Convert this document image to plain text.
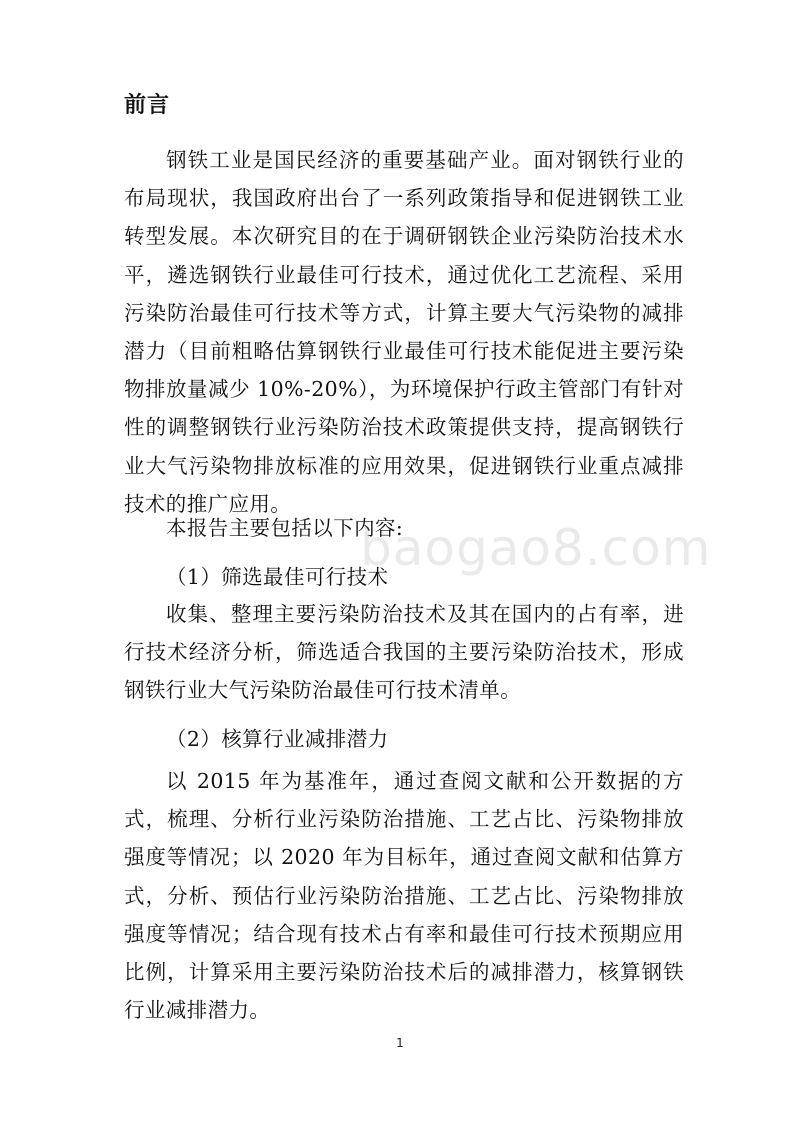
前言

钢铁工业是国民经济的重要基础产业。面对钢铁行业的布局现状，我国政府出台了一系列政策指导和促进钢铁工业转型发展。本次研究目的在于调研钢铁企业污染防治技术水平，遴选钢铁行业最佳可行技术，通过优化工艺流程、采用污染防治最佳可行技术等方式，计算主要大气污染物的减排潜力（目前粗略估算钢铁行业最佳可行技术能促进主要污染物排放量减少 10%-20%），为环境保护行政主管部门有针对性的调整钢铁行业污染防治技术政策提供支持，提高钢铁行业大气污染物排放标准的应用效果，促进钢铁行业重点减排技术的推广应用。

本报告主要包括以下内容:

（1）筛选最佳可行技术

收集、整理主要污染防治技术及其在国内的占有率，进行技术经济分析，筛选适合我国的主要污染防治技术，形成钢铁行业大气污染防治最佳可行技术清单。

（2）核算行业减排潜力

以 2015 年为基准年，通过查阅文献和公开数据的方式，梳理、分析行业污染防治措施、工艺占比、污染物排放强度等情况；以 2020 年为目标年，通过查阅文献和估算方式，分析、预估行业污染防治措施、工艺占比、污染物排放强度等情况；结合现有技术占有率和最佳可行技术预期应用比例，计算采用主要污染防治技术后的减排潜力，核算钢铁行业减排潜力。

baogao8.com
1
